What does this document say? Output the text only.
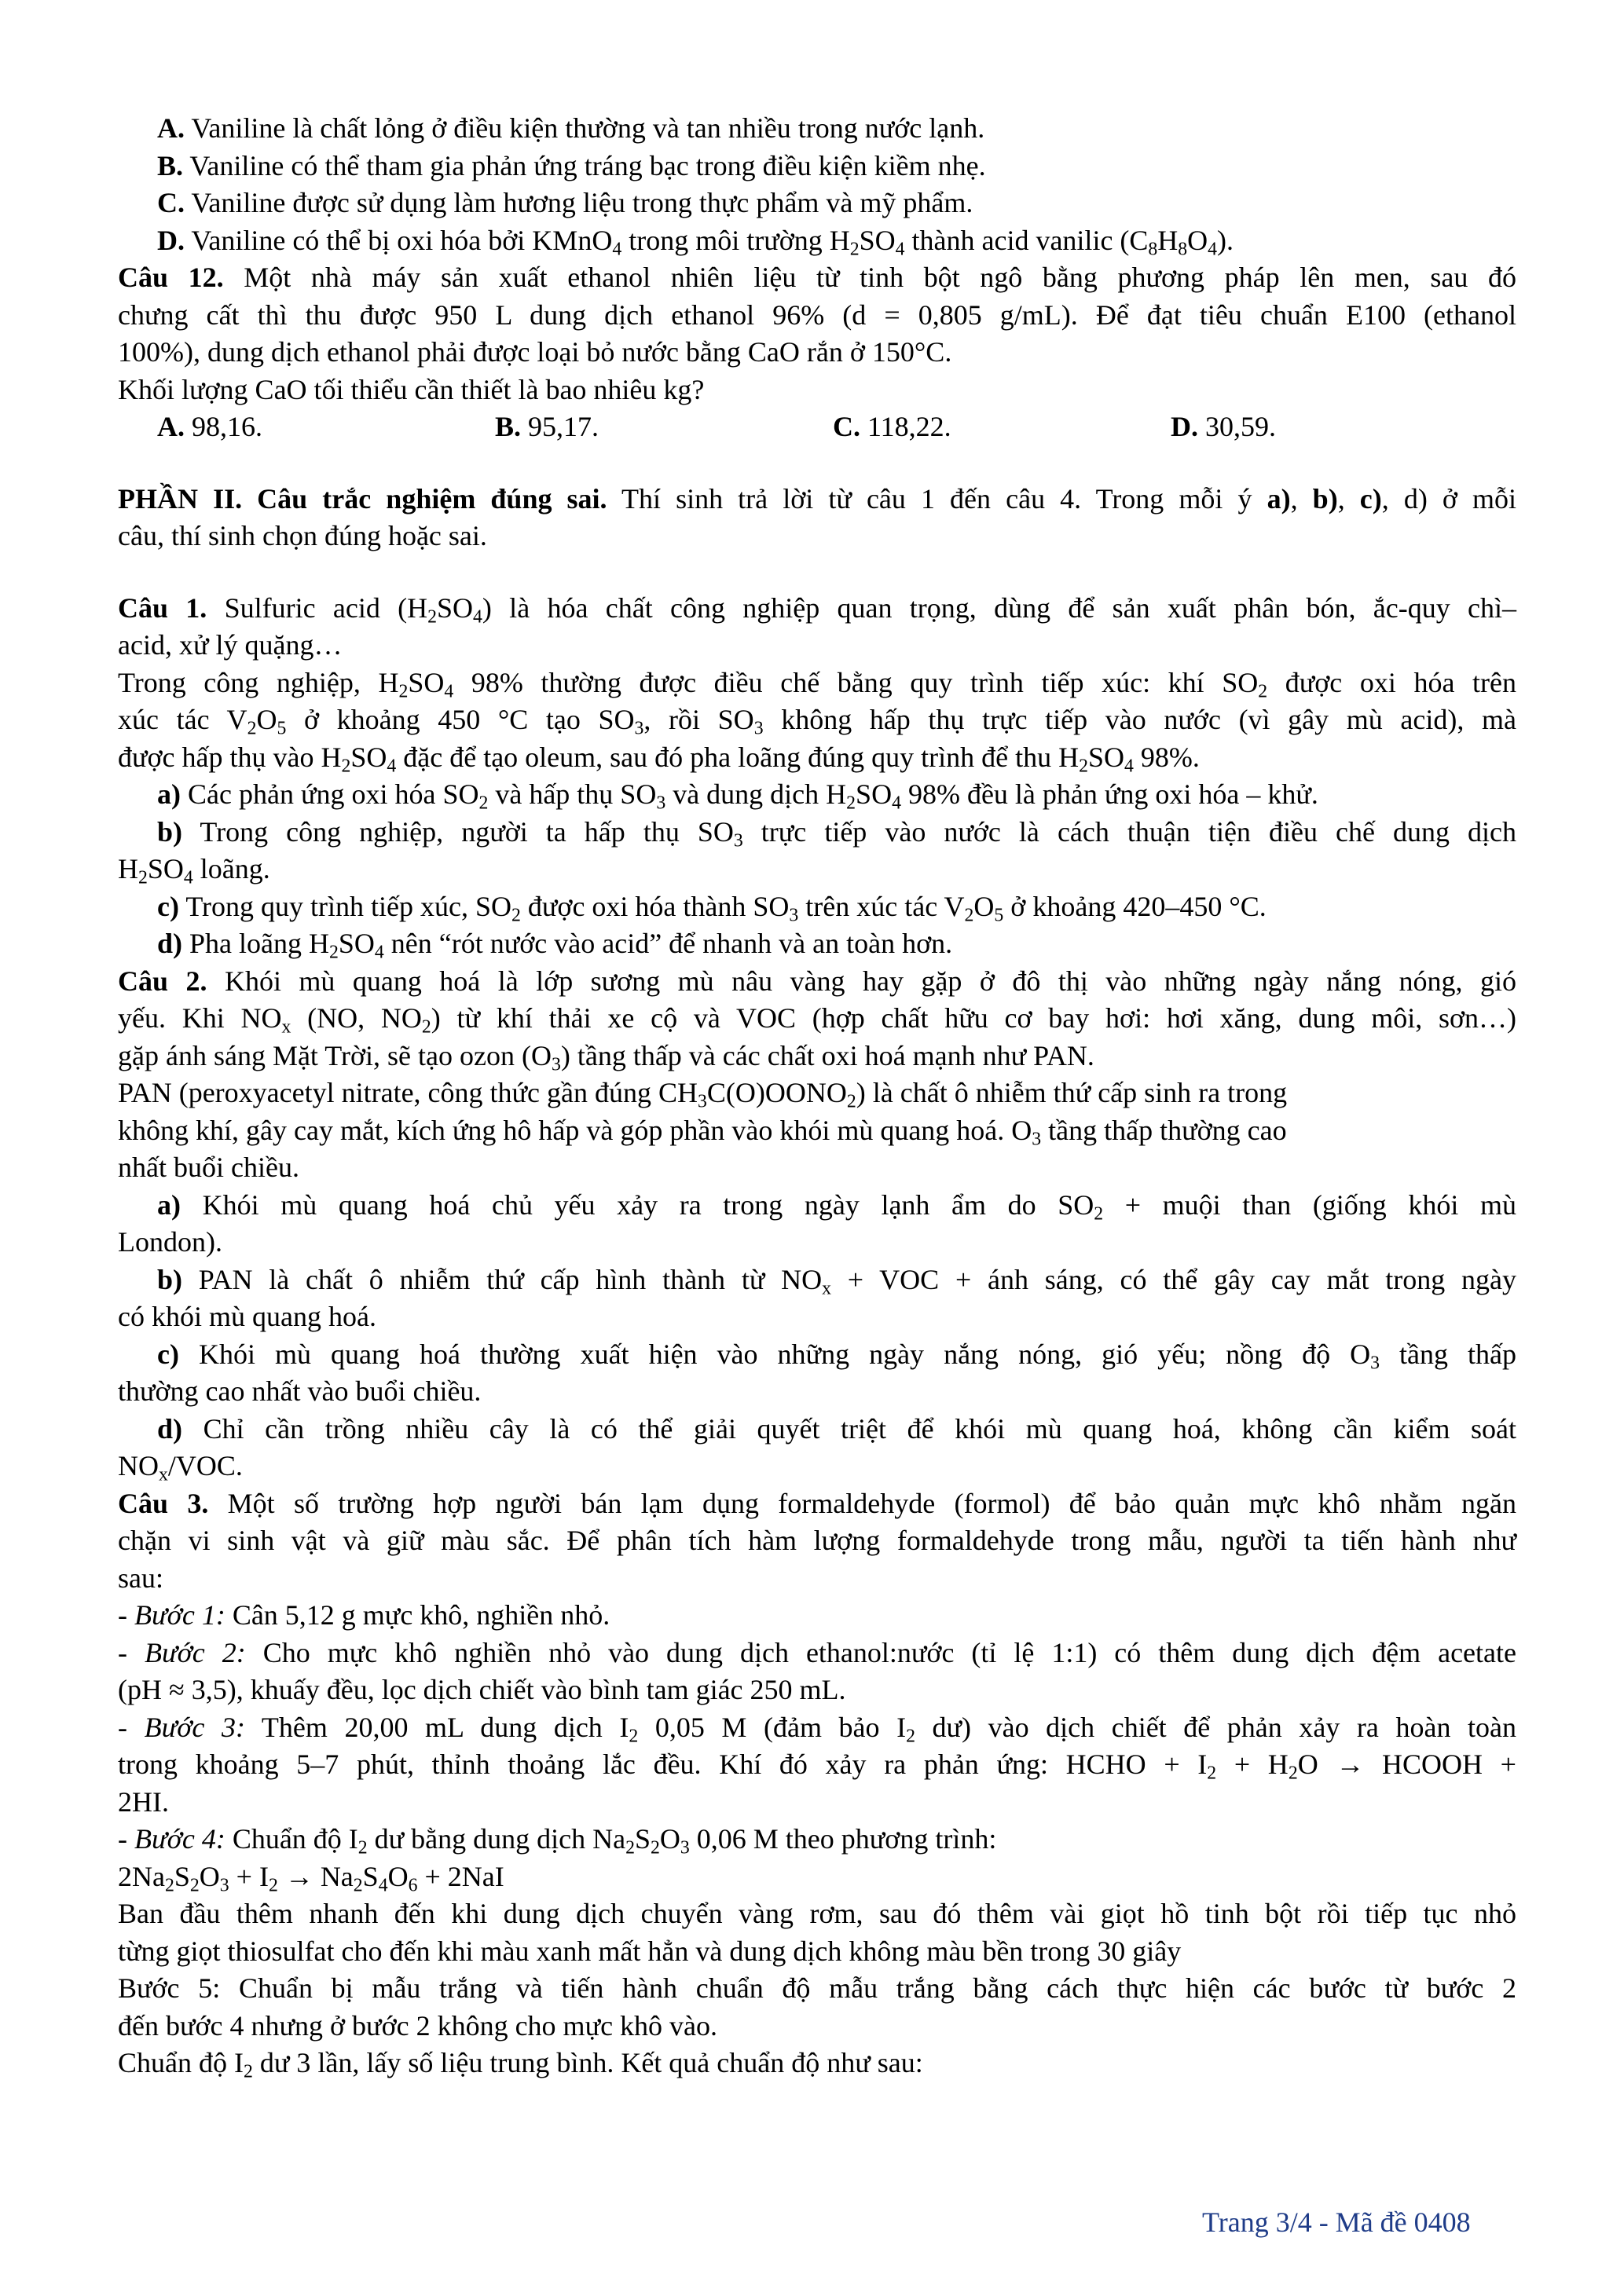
A. Vaniline là chất lỏng ở điều kiện thường và tan nhiều trong nước lạnh.
B. Vaniline có thể tham gia phản ứng tráng bạc trong điều kiện kiềm nhẹ.
C. Vaniline được sử dụng làm hương liệu trong thực phẩm và mỹ phẩm.
D. Vaniline có thể bị oxi hóa bởi KMnO$_4$ trong môi trường $H_2SO_4$ thành acid vanilic $(C_8H_8O_4)$.
Câu 12. Một nhà máy sản xuất ethanol nhiên liệu từ tinh bột ngô bằng phương pháp lên men, sau đó
chưng cất thì thu được 950 L dung dịch ethanol 96% (d = 0,805 g/mL). Để đạt tiêu chuẩn E100 (ethanol
100%), dung dịch ethanol phải được loại bỏ nước bằng CaO rắn ở 150°C.
Khối lượng CaO tối thiểu cần thiết là bao nhiêu kg?
A. 98,16.	B. 95,17.	C. 118,22.	D. 30,59.
PHẦN II. Câu trắc nghiệm đúng sai. Thí sinh trả lời từ câu 1 đến câu 4. Trong mỗi ý a), b), c), d) ở mỗi
câu, thí sinh chọn đúng hoặc sai.
Câu 1. Sulfuric acid $(H_2SO_4)$ là hóa chất công nghiệp quan trọng, dùng để sản xuất phân bón, ắc-quy chì–
acid, xử lý quặng…
Trong công nghiệp, $H_2SO_4$ 98% thường được điều chế bằng quy trình tiếp xúc: khí $SO_2$ được oxi hóa trên
xúc tác $V_2O_5$ ở khoảng 450 °C tạo $SO_3$, rồi $SO_3$ không hấp thụ trực tiếp vào nước (vì gây mù acid), mà
được hấp thụ vào $H_2SO_4$ đặc để tạo oleum, sau đó pha loãng đúng quy trình để thu $H_2SO_4$ 98%.
a) Các phản ứng oxi hóa $SO_2$ và hấp thụ $SO_3$ và dung dịch $H_2SO_4$ 98% đều là phản ứng oxi hóa – khử.
b) Trong công nghiệp, người ta hấp thụ $SO_3$ trực tiếp vào nước là cách thuận tiện điều chế dung dịch
$H_2SO_4$ loãng.
c) Trong quy trình tiếp xúc, $SO_2$ được oxi hóa thành $SO_3$ trên xúc tác $V_2O_5$ ở khoảng 420–450 °C.
d) Pha loãng $H_2SO_4$ nên “rót nước vào acid” để nhanh và an toàn hơn.
Câu 2. Khói mù quang hoá là lớp sương mù nâu vàng hay gặp ở đô thị vào những ngày nắng nóng, gió
yếu. Khi $NO_x$ (NO, $NO_2$) từ khí thải xe cộ và VOC (hợp chất hữu cơ bay hơi: hơi xăng, dung môi, sơn…)
gặp ánh sáng Mặt Trời, sẽ tạo ozon $(O_3)$ tầng thấp và các chất oxi hoá mạnh như PAN.
PAN (peroxyacetyl nitrate, công thức gần đúng $CH_3C(O)OONO_2$) là chất ô nhiễm thứ cấp sinh ra trong
không khí, gây cay mắt, kích ứng hô hấp và góp phần vào khói mù quang hoá. $O_3$ tầng thấp thường cao
nhất buổi chiều.
a) Khói mù quang hoá chủ yếu xảy ra trong ngày lạnh ẩm do $SO_2$ + muội than (giống khói mù
London).
b) PAN là chất ô nhiễm thứ cấp hình thành từ $NO_x$ + VOC + ánh sáng, có thể gây cay mắt trong ngày
có khói mù quang hoá.
c) Khói mù quang hoá thường xuất hiện vào những ngày nắng nóng, gió yếu; nồng độ $O_3$ tầng thấp
thường cao nhất vào buổi chiều.
d) Chỉ cần trồng nhiều cây là có thể giải quyết triệt để khói mù quang hoá, không cần kiểm soát
$NO_x$/VOC.
Câu 3. Một số trường hợp người bán lạm dụng formaldehyde (formol) để bảo quản mực khô nhằm ngăn
chặn vi sinh vật và giữ màu sắc. Để phân tích hàm lượng formaldehyde trong mẫu, người ta tiến hành như
sau:
- Bước 1: Cân 5,12 g mực khô, nghiền nhỏ.
- Bước 2: Cho mực khô nghiền nhỏ vào dung dịch ethanol:nước (tỉ lệ 1:1) có thêm dung dịch đệm acetate
(pH ≈ 3,5), khuấy đều, lọc dịch chiết vào bình tam giác 250 mL.
- Bước 3: Thêm 20,00 mL dung dịch $I_2$ 0,05 M (đảm bảo $I_2$ dư) vào dịch chiết để phản xảy ra hoàn toàn
trong khoảng 5–7 phút, thỉnh thoảng lắc đều. Khí đó xảy ra phản ứng: HCHO + $I_2 + H_2O$ → HCOOH +
2HI.
- Bước 4: Chuẩn độ $I_2$ dư bằng dung dịch $Na_2S_2O_3$ 0,06 M theo phương trình:
$2Na_2S_2O_3 + I_2 \to Na_2S_4O_6 + 2NaI$
Ban đầu thêm nhanh đến khi dung dịch chuyển vàng rơm, sau đó thêm vài giọt hồ tinh bột rồi tiếp tục nhỏ
từng giọt thiosulfat cho đến khi màu xanh mất hẳn và dung dịch không màu bền trong 30 giây
Bước 5: Chuẩn bị mẫu trắng và tiến hành chuẩn độ mẫu trắng bằng cách thực hiện các bước từ bước 2
đến bước 4 nhưng ở bước 2 không cho mực khô vào.
Chuẩn độ $I_2$ dư 3 lần, lấy số liệu trung bình. Kết quả chuẩn độ như sau:
Trang 3/4 - Mã đề 0408
